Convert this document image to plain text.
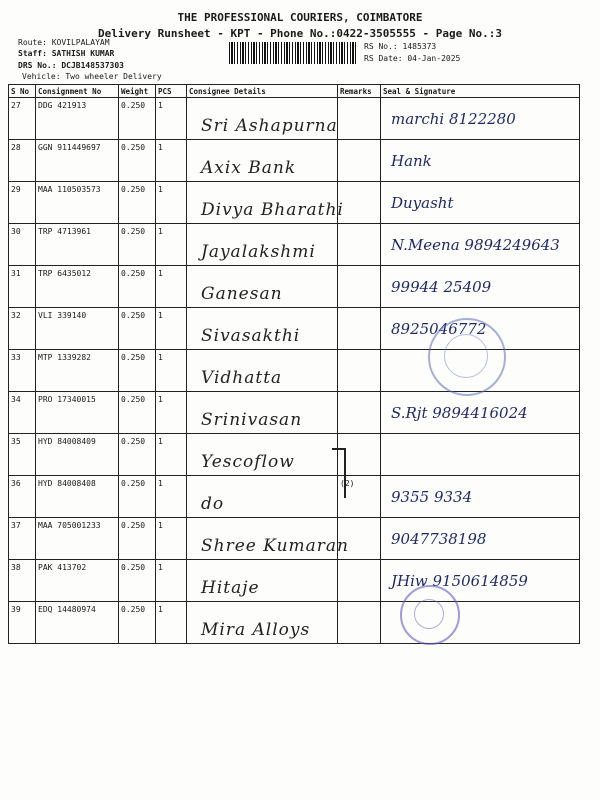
THE PROFESSIONAL COURIERS, COIMBATORE
Delivery Runsheet - KPT - Phone No.:0422-3505555 - Page No.:3
Route: KOVILPALAYAM
Staff: SATHISH KUMAR
DRS No.: DCJB148537303
Vehicle: Two wheeler Delivery
RS No.: 1485373
RS Date: 04-Jan-2025
S No	Consignment No	Weight	PCS	Consignee Details	Remarks	Seal & Signature
27	DDG 421913	0.250	1	Sri Ashapurna		marchi 8122280

28	GGN 911449697	0.250	1	Axix Bank		Hank

29	MAA 110503573	0.250	1	Divya Bharathi		Duyasht

30	TRP 4713961	0.250	1	Jayalakshmi		N.Meena 9894249643

31	TRP 6435012	0.250	1	Ganesan		99944 25409

32	VLI 339140	0.250	1	Sivasakthi		8925046772

33	MTP 1339282	0.250	1	Vidhatta		

34	PRO 17340015	0.250	1	Srinivasan		S.Rjt 9894416024

35	HYD 84008409	0.250	1	Yescoflow		

36	HYD 84008408	0.250	1	do	(2)	9355 9334

37	MAA 705001233	0.250	1	Shree Kumaran		9047738198

38	PAK 413702	0.250	1	Hitaje		JHiw 9150614859

39	EDQ 14480974	0.250	1	Mira Alloys		
